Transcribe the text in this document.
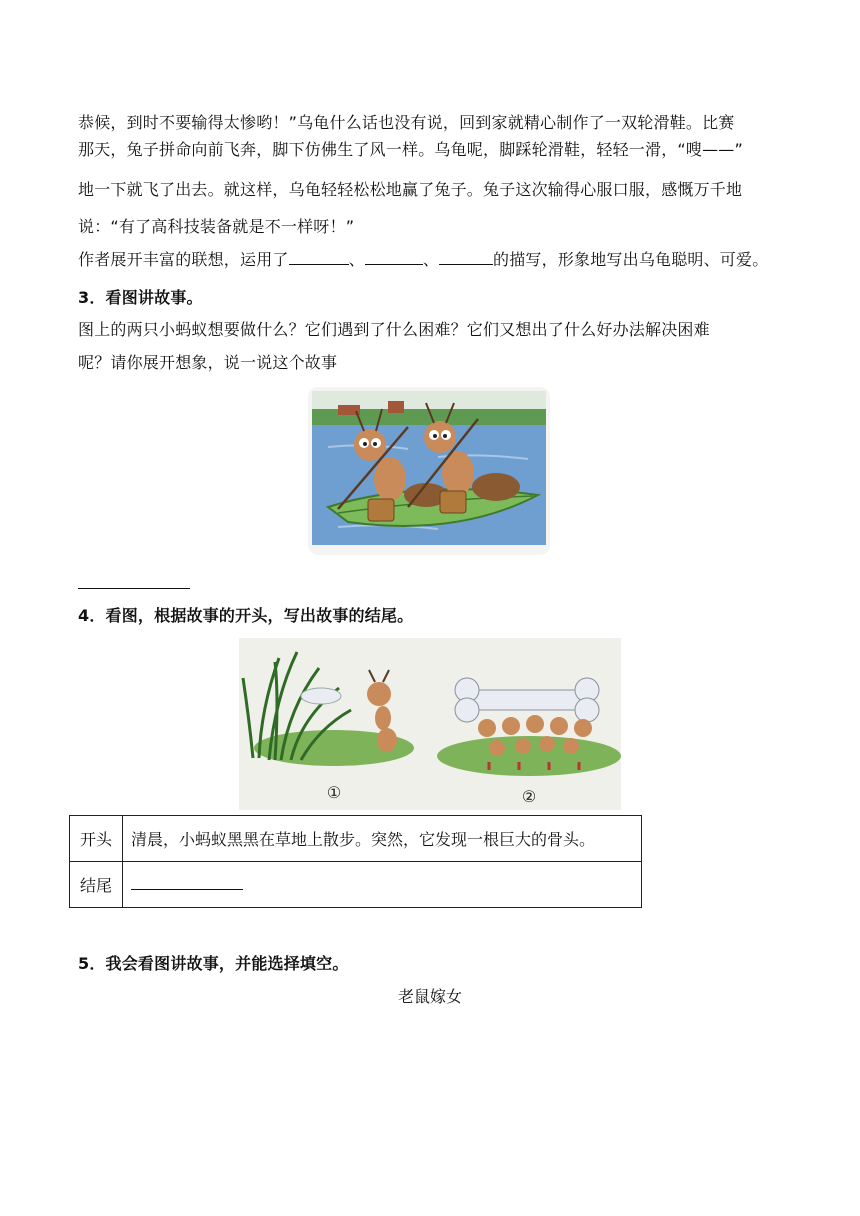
恭候，到时不要输得太惨哟！”乌龟什么话也没有说，回到家就精心制作了一双轮滑鞋。比赛
那天，兔子拼命向前飞奔，脚下仿佛生了风一样。乌龟呢，脚踩轮滑鞋，轻轻一滑，“嗖——”
地一下就飞了出去。就这样，乌龟轻轻松松地赢了兔子。兔子这次输得心服口服，感慨万千地
说：“有了高科技装备就是不一样呀！”
作者展开丰富的联想，运用了	、	、	的描写，形象地写出乌龟聪明、可爱。
3．看图讲故事。
图上的两只小蚂蚁想要做什么？它们遇到了什么困难？它们又想出了什么好办法解决困难
呢？请你展开想象，说一说这个故事
4．看图，根据故事的开头，写出故事的结尾。
①	②
开头	清晨，小蚂蚁黑黑在草地上散步。突然，它发现一根巨大的骨头。
结尾	
5．我会看图讲故事，并能选择填空。
老鼠嫁女
